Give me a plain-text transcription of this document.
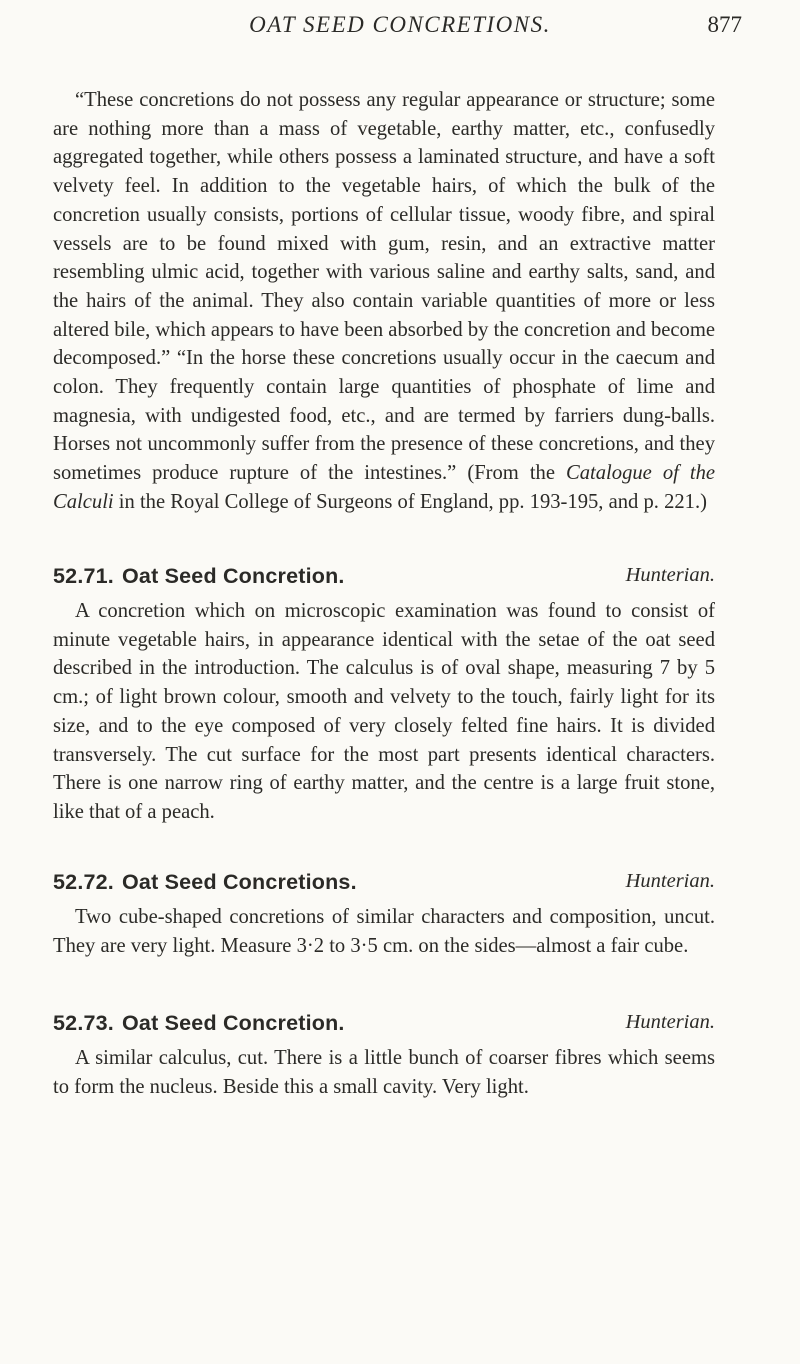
OAT SEED CONCRETIONS.	877

“These concretions do not possess any regular appearance or structure; some are nothing more than a mass of vegetable, earthy matter, etc., confusedly aggregated together, while others possess a laminated structure, and have a soft velvety feel. In addition to the vegetable hairs, of which the bulk of the concretion usually consists, portions of cellular tissue, woody fibre, and spiral vessels are to be found mixed with gum, resin, and an extractive matter resembling ulmic acid, together with various saline and earthy salts, sand, and the hairs of the animal. They also contain variable quantities of more or less altered bile, which appears to have been absorbed by the concretion and become decomposed.” “In the horse these concretions usually occur in the caecum and colon. They frequently contain large quantities of phosphate of lime and magnesia, with undigested food, etc., and are termed by farriers dung-balls. Horses not uncommonly suffer from the presence of these concretions, and they sometimes produce rupture of the intestines.” (From the Catalogue of the Calculi in the Royal College of Surgeons of England, pp. 193-195, and p. 221.)

52.71. Oat Seed Concretion.	Hunterian.

A concretion which on microscopic examination was found to consist of minute vegetable hairs, in appearance identical with the setae of the oat seed described in the introduction. The calculus is of oval shape, measuring 7 by 5 cm.; of light brown colour, smooth and velvety to the touch, fairly light for its size, and to the eye composed of very closely felted fine hairs. It is divided transversely. The cut surface for the most part presents identical characters. There is one narrow ring of earthy matter, and the centre is a large fruit stone, like that of a peach.

52.72. Oat Seed Concretions.	Hunterian.

Two cube-shaped concretions of similar characters and composition, uncut. They are very light. Measure 3·2 to 3·5 cm. on the sides—almost a fair cube.

52.73. Oat Seed Concretion.	Hunterian.

A similar calculus, cut. There is a little bunch of coarser fibres which seems to form the nucleus. Beside this a small cavity. Very light.
